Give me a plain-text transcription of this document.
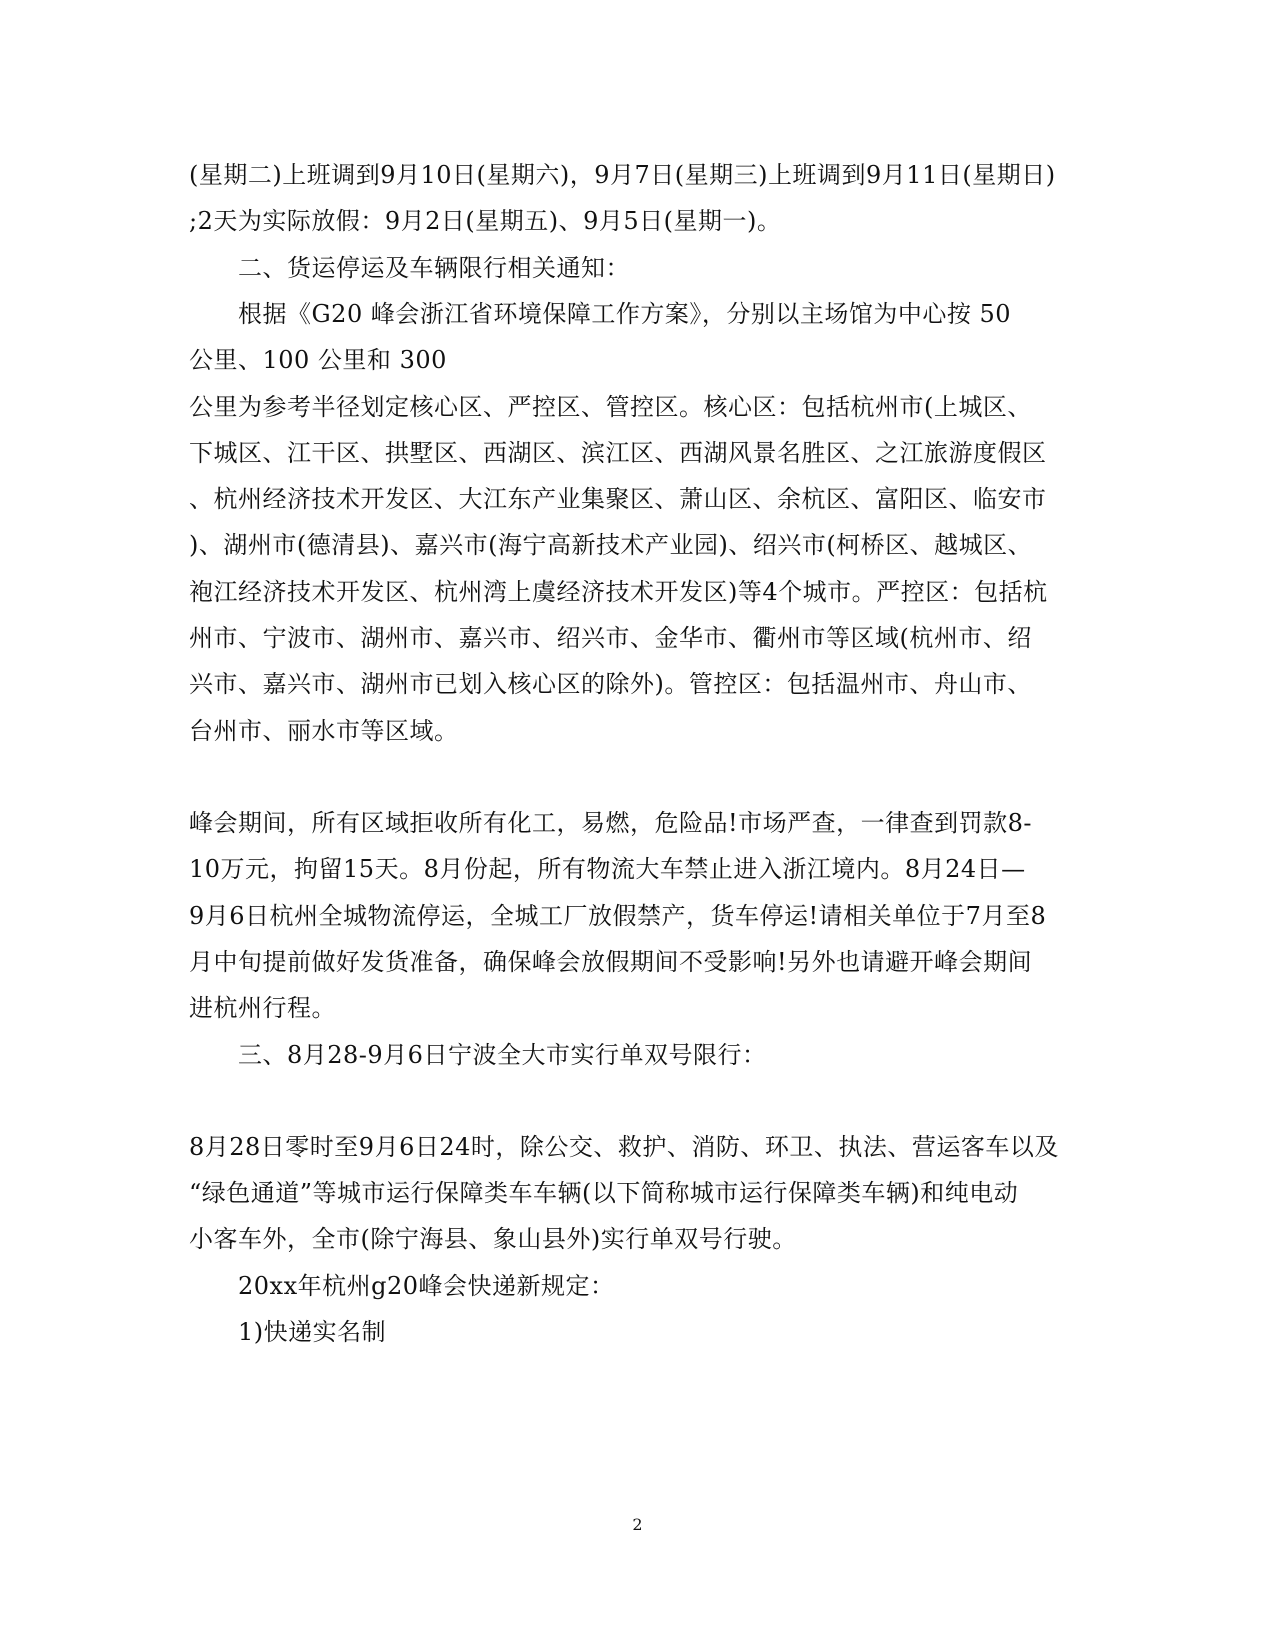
(星期二)上班调到9月10日(星期六)，9月7日(星期三)上班调到9月11日(星期日)
;2天为实际放假：9月2日(星期五)、9月5日(星期一)。
二、货运停运及车辆限行相关通知：
根据《G20 峰会浙江省环境保障工作方案》，分别以主场馆为中心按 50
公里、100 公里和 300
公里为参考半径划定核心区、严控区、管控区。核心区：包括杭州市(上城区、
下城区、江干区、拱墅区、西湖区、滨江区、西湖风景名胜区、之江旅游度假区
、杭州经济技术开发区、大江东产业集聚区、萧山区、余杭区、富阳区、临安市
)、湖州市(德清县)、嘉兴市(海宁高新技术产业园)、绍兴市(柯桥区、越城区、
袍江经济技术开发区、杭州湾上虞经济技术开发区)等4个城市。严控区：包括杭
州市、宁波市、湖州市、嘉兴市、绍兴市、金华市、衢州市等区域(杭州市、绍
兴市、嘉兴市、湖州市已划入核心区的除外)。管控区：包括温州市、舟山市、
台州市、丽水市等区域。
峰会期间，所有区域拒收所有化工，易燃，危险品!市场严查，一律查到罚款8-
10万元，拘留15天。8月份起，所有物流大车禁止进入浙江境内。8月24日—
9月6日杭州全城物流停运，全城工厂放假禁产，货车停运!请相关单位于7月至8
月中旬提前做好发货准备，确保峰会放假期间不受影响!另外也请避开峰会期间
进杭州行程。
三、8月28-9月6日宁波全大市实行单双号限行：
8月28日零时至9月6日24时，除公交、救护、消防、环卫、执法、营运客车以及
“绿色通道”等城市运行保障类车车辆(以下简称城市运行保障类车辆)和纯电动
小客车外，全市(除宁海县、象山县外)实行单双号行驶。
20xx年杭州g20峰会快递新规定：
1)快递实名制
2
